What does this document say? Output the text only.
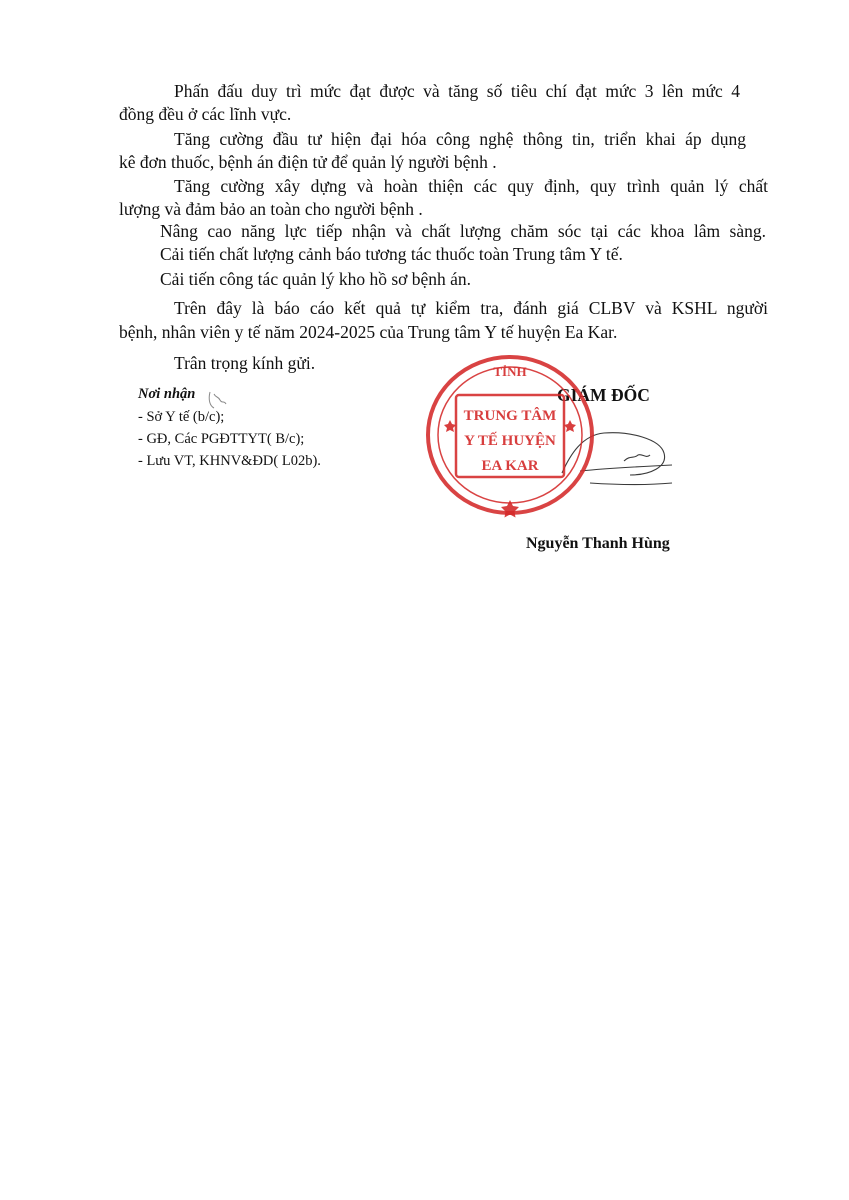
Phấn đấu duy trì mức đạt được và tăng số tiêu chí đạt mức 3 lên mức 4
đồng đều ở các lĩnh vực.
Tăng cường đầu tư hiện đại hóa công nghệ thông tin, triển khai áp dụng
kê đơn thuốc, bệnh án điện tử để quản lý người bệnh .
Tăng cường xây dựng và hoàn thiện các quy định, quy trình quản lý chất
lượng và đảm bảo an toàn cho người bệnh .
Nâng cao năng lực tiếp nhận và chất lượng chăm sóc tại các khoa lâm sàng.
Cải tiến chất lượng cảnh báo tương tác thuốc toàn Trung tâm Y tế.
Cải tiến công tác quản lý kho hồ sơ bệnh án.
Trên đây là báo cáo kết quả tự kiểm tra, đánh giá CLBV và KSHL người
bệnh, nhân viên y tế năm 2024-2025 của Trung tâm Y tế huyện Ea Kar.
Trân trọng kính gửi.
Nơi nhận
- Sở Y tế (b/c);
- GĐ, Các PGĐTTYT( B/c);
- Lưu VT, KHNV&ĐD( L02b).
GIÁM ĐỐC
TỈNH
TRUNG TÂM
Y TẾ HUYỆN
EA KAR
Nguyễn Thanh Hùng
